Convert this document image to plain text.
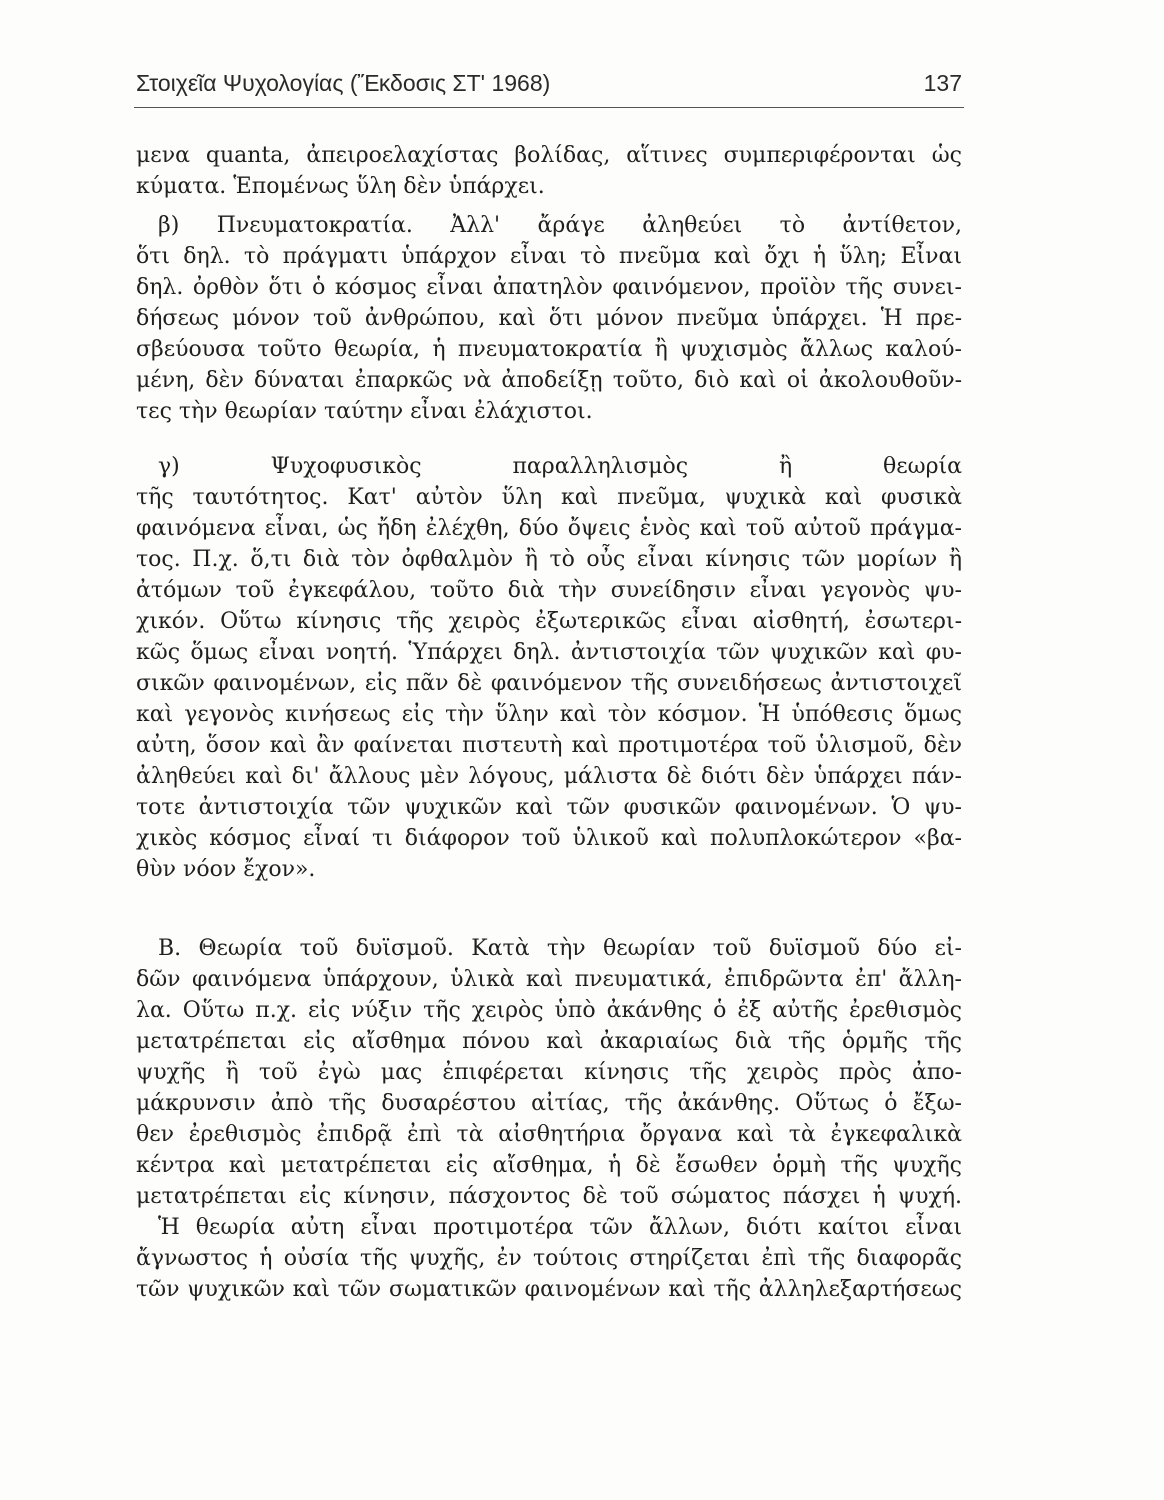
Στοιχεῖα Ψυχολογίας (Ἔκδοσις ΣΤ' 1968)	137
μενα quanta, ἀπειροελαχίστας βολίδας, αἵτινες συμπεριφέρονται ὡς
κύματα. Ἑπομένως ὕλη δὲν ὑπάρχει.
β) Πνευματοκρατία. Ἀλλ' ἄράγε ἀληθεύει τὸ ἀντίθετον,
ὅτι δηλ. τὸ πράγματι ὑπάρχον εἶναι τὸ πνεῦμα καὶ ὄχι ἡ ὕλη; Εἶναι
δηλ. ὀρθὸν ὅτι ὁ κόσμος εἶναι ἀπατηλὸν φαινόμενον, προϊὸν τῆς συνει-
δήσεως μόνον τοῦ ἀνθρώπου, καὶ ὅτι μόνον πνεῦμα ὑπάρχει. Ἡ πρε-
σβεύουσα τοῦτο θεωρία, ἡ πνευματοκρατία ἢ ψυχισμὸς ἄλλως καλού-
μένη, δὲν δύναται ἐπαρκῶς νὰ ἀποδείξῃ τοῦτο, διὸ καὶ οἱ ἀκολουθοῦν-
τες τὴν θεωρίαν ταύτην εἶναι ἐλάχιστοι.
γ) Ψυχοφυσικὸς παραλληλισμὸς ἢ θεωρία
τῆς ταυτότητος. Κατ' αὐτὸν ὕλη καὶ πνεῦμα, ψυχικὰ καὶ φυσικὰ
φαινόμενα εἶναι, ὡς ἤδη ἐλέχθη, δύο ὄψεις ἑνὸς καὶ τοῦ αὐτοῦ πράγμα-
τος. Π.χ. ὅ,τι διὰ τὸν ὀφθαλμὸν ἢ τὸ οὖς εἶναι κίνησις τῶν μορίων ἢ
ἀτόμων τοῦ ἐγκεφάλου, τοῦτο διὰ τὴν συνείδησιν εἶναι γεγονὸς ψυ-
χικόν. Οὕτω κίνησις τῆς χειρὸς ἐξωτερικῶς εἶναι αἰσθητή, ἐσωτερι-
κῶς ὅμως εἶναι νοητή. Ὑπάρχει δηλ. ἀντιστοιχία τῶν ψυχικῶν καὶ φυ-
σικῶν φαινομένων, εἰς πᾶν δὲ φαινόμενον τῆς συνειδήσεως ἀντιστοιχεῖ
καὶ γεγονὸς κινήσεως εἰς τὴν ὕλην καὶ τὸν κόσμον. Ἡ ὑπόθεσις ὅμως
αὐτη, ὅσον καὶ ἂν φαίνεται πιστευτὴ καὶ προτιμοτέρα τοῦ ὑλισμοῦ, δὲν
ἀληθεύει καὶ δι' ἄλλους μὲν λόγους, μάλιστα δὲ διότι δὲν ὑπάρχει πάν-
τοτε ἀντιστοιχία τῶν ψυχικῶν καὶ τῶν φυσικῶν φαινομένων. Ὁ ψυ-
χικὸς κόσμος εἶναί τι διάφορον τοῦ ὑλικοῦ καὶ πολυπλοκώτερον «βα-
θὺν νόον ἔχον».
Β. Θεωρία τοῦ δυϊσμοῦ. Κατὰ τὴν θεωρίαν τοῦ δυϊσμοῦ δύο εἰ-
δῶν φαινόμενα ὑπάρχουν, ὑλικὰ καὶ πνευματικά, ἐπιδρῶντα ἐπ' ἄλλη-
λα. Οὕτω π.χ. εἰς νύξιν τῆς χειρὸς ὑπὸ ἀκάνθης ὁ ἐξ αὐτῆς ἐρεθισμὸς
μετατρέπεται εἰς αἴσθημα πόνου καὶ ἀκαριαίως διὰ τῆς ὁρμῆς τῆς
ψυχῆς ἢ τοῦ ἐγὼ μας ἐπιφέρεται κίνησις τῆς χειρὸς πρὸς ἀπο-
μάκρυνσιν ἀπὸ τῆς δυσαρέστου αἰτίας, τῆς ἀκάνθης. Οὕτως ὁ ἔξω-
θεν ἐρεθισμὸς ἐπιδρᾷ ἐπὶ τὰ αἰσθητήρια ὄργανα καὶ τὰ ἐγκεφαλικὰ
κέντρα καὶ μετατρέπεται εἰς αἴσθημα, ἡ δὲ ἔσωθεν ὁρμὴ τῆς ψυχῆς
μετατρέπεται εἰς κίνησιν, πάσχοντος δὲ τοῦ σώματος πάσχει ἡ ψυχή.
Ἡ θεωρία αὐτη εἶναι προτιμοτέρα τῶν ἄλλων, διότι καίτοι εἶναι
ἄγνωστος ἡ οὐσία τῆς ψυχῆς, ἐν τούτοις στηρίζεται ἐπὶ τῆς διαφορᾶς
τῶν ψυχικῶν καὶ τῶν σωματικῶν φαινομένων καὶ τῆς ἀλληλεξαρτήσεως
